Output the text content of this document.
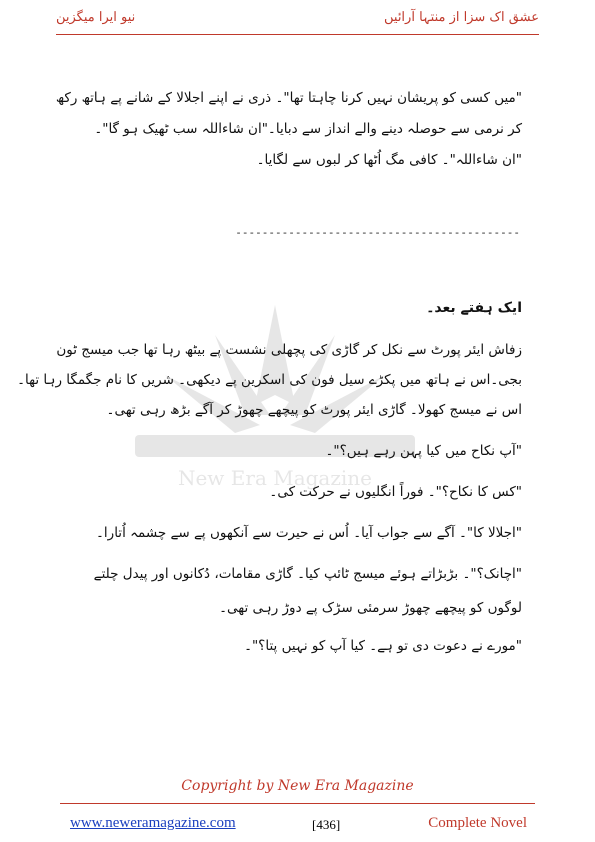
نیو ایرا میگزین	عشق اک سزا از منتہا آرائیں
New Era Magazine
"میں کسی کو پریشان نہیں کرنا چاہتا تھا"۔ ذری نے اپنے اجلالا کے شانے پے ہاتھ رکھ
کر نرمی سے حوصلہ دینے والے انداز سے دبایا۔"ان شاءاللہ سب ٹھیک ہو گا"۔
"ان شاءاللہ"۔ کافی مگ اُٹھا کر لبوں سے لگایا۔
-------------------------------------------
ایک ہفتے بعد۔
زفاش ایئر پورٹ سے نکل کر گاڑی کی پچھلی نشست پے بیٹھ رہا تھا جب میسج ٹون
بجی۔اس نے ہاتھ میں پکڑے سیل فون کی اسکرین پے دیکھی۔ شریں کا نام جگمگا رہا تھا۔
اس نے میسج کھولا۔ گاڑی ایئر پورٹ کو پیچھے چھوڑ کر آگے بڑھ رہی تھی۔
"آپ نکاح میں کیا پہن رہے ہیں؟"۔
"کس کا نکاح؟"۔ فوراً انگلیوں نے حرکت کی۔
"اجلالا کا"۔ آگے سے جواب آیا۔ اُس نے حیرت سے آنکھوں پے سے چشمہ اُتارا۔
"اچانک؟"۔ بڑبڑاتے ہوئے میسج ٹائپ کیا۔ گاڑی مقامات، دُکانوں اور پیدل چلتے
لوگوں کو پیچھے چھوڑ سرمئی سڑک پے دوڑ رہی تھی۔
"مورے نے دعوت دی تو ہے۔ کیا آپ کو نہیں پتا؟"۔
Copyright by New Era Magazine
www.neweramagazine.com	[436]	Complete Novel
